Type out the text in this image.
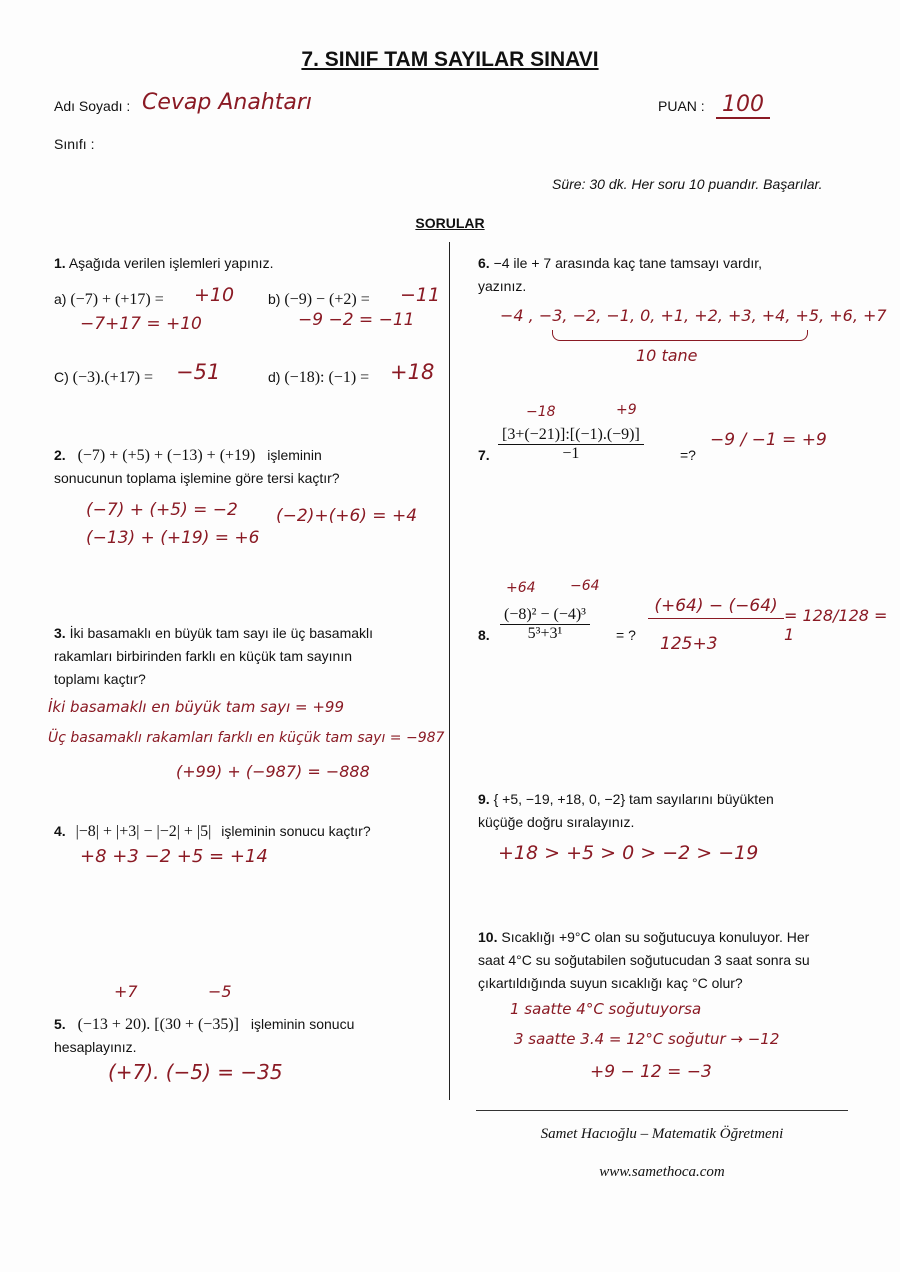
7. SINIF TAM SAYILAR SINAVI
Adı Soyadı : Cevap Anahtarı
Sınıfı :
PUAN : 100
Süre: 30 dk. Her soru 10 puandır. Başarılar.
SORULAR
1. Aşağıda verilen işlemleri yapınız.
a) (−7) + (+17) = +10
−7+17 = +10
b) (−9) − (+2) = −11
−9 −2 = −11
C) (−3).(+17) = −51	d) (−18): (−1) = +18
2. (−7) + (+5) + (−13) + (+19) işleminin
sonucunun toplama işlemine göre tersi kaçtır?
(−7) + (+5) = −2
(−13) + (+19) = +6
(−2)+(+6) = +4
3. İki basamaklı en büyük tam sayı ile üç basamaklı
rakamları birbirinden farklı en küçük tam sayının
toplamı kaçtır?
İki basamaklı en büyük tam sayı = +99
Üç basamaklı rakamları farklı en küçük tam sayı = −987
(+99) + (−987) = −888
4. |−8| + |+3| − |−2| + |5| işleminin sonucu kaçtır?
+8 +3 −2 +5 = +14
+7	−5
5. (−13 + 20). [(30 + (−35)] işleminin sonucu
hesaplayınız.
(+7). (−5) = −35
6. −4 ile + 7 arasında kaç tane tamsayı vardır,
yazınız.
−4 , −3, −2, −1, 0, +1, +2, +3, +4, +5, +6, +7
10 tane
−18	+9
7. $\frac{[3+(-21)]:[(-1).(-9)]}{-1}$	=?
−9 / −1 = +9
+64 −64
8. $\frac{\text{(−8)² − (−4)³}}{\text{5³+3¹}}$ = ?
(+64) − (−64)
125+3
= 128/128 = 1
9. { +5, −19, +18, 0, −2} tam sayılarını büyükten
küçüğe doğru sıralayınız.
+18 > +5 > 0 > −2 > −19
10. Sıcaklığı +9°C olan su soğutucuya konuluyor. Her
saat 4°C su soğutabilen soğutucudan 3 saat sonra su
çıkartıldığında suyun sıcaklığı kaç °C olur?
1 saatte 4°C soğutuyorsa
3 saatte 3.4 = 12°C soğutur → −12
+9 − 12 = −3
Samet Hacıoğlu – Matematik Öğretmeni
www.samethoca.com
